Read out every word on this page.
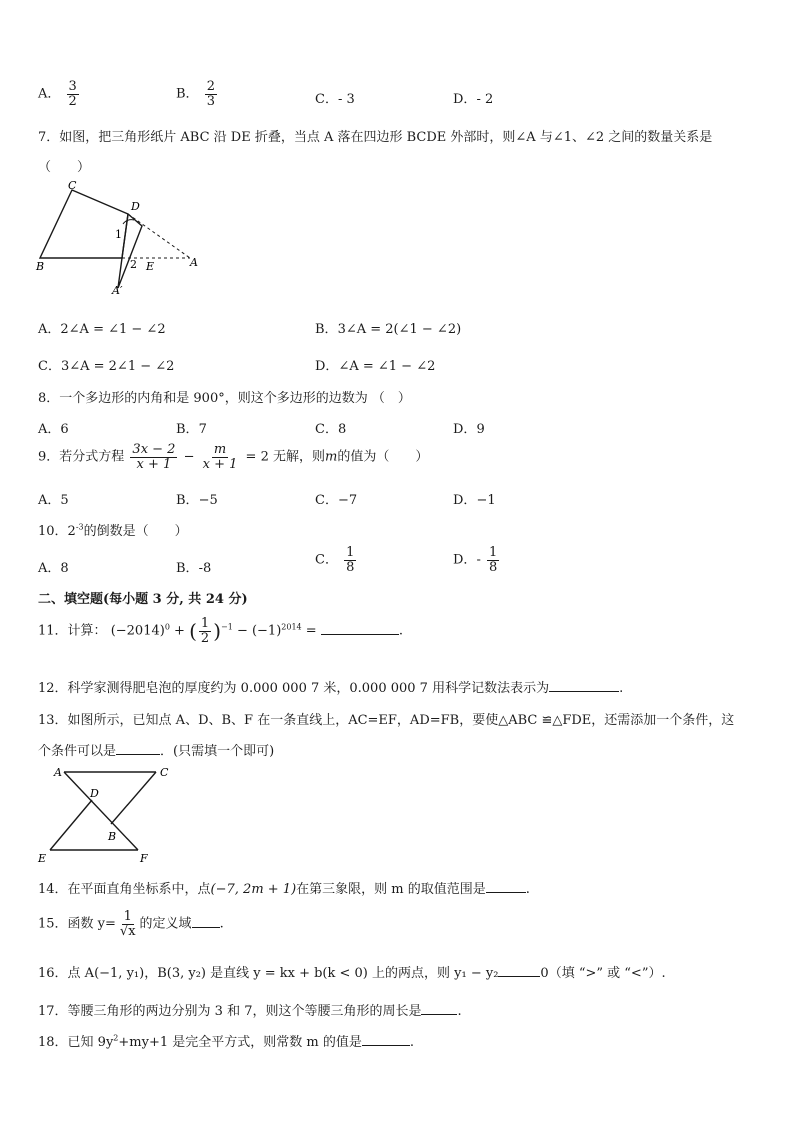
A． $\frac{3}{2}$	B． $\frac{2}{3}$	C．- 3	D．- 2
7．如图，把三角形纸片 ABC 沿 DE 折叠，当点 A 落在四边形 BCDE 外部时，则∠A 与∠1、∠2 之间的数量关系是
（　　）
C
D
B	E	A
A′
1
2
A．2∠A = ∠1 − ∠2	B．3∠A = 2(∠1 − ∠2)
C．3∠A = 2∠1 − ∠2	D．∠A = ∠1 − ∠2
8．一个多边形的内角和是 900°，则这个多边形的边数为 （　）
A．6	B．7	C．8	D．9
9．若分式方程 $\frac{3x - 2}{x + 1} - \frac{m}{x + 1} = 2$ 无解，则m的值为（　　）
A．5	B．−5	C．−7	D．−1
10．$2^{-3}$的倒数是（　　）
A．8	B．-8
C． $\frac{1}{8}$	D．- $\frac{1}{8}$
二、填空题(每小题 3 分, 共 24 分)
11．计算： $(-2014)^0$ + ( $\frac{1}{2} )^{-1} - (-1)^{2014}$ =	.
12．科学家测得肥皂泡的厚度约为 0.000 000 7 米，0.000 000 7 用科学记数法表示为	.
13．如图所示，已知点 A、D、B、F 在一条直线上，AC=EF，AD=FB，要使△ABC ≌△FDE，还需添加一个条件，这
个条件可以是	．(只需填一个即可)
A	C
D
B
E	F
14．在平面直角坐标系中，点(−7, 2m + 1)在第三象限，则 m 的取值范围是	.
15．函数 $y= \frac{1}{√x}$ 的定义域 .
16．点 A(−1, y₁)，B(3, y₂) 是直线 y = kx + b(k < 0) 上的两点，则 y₁ − y₂	0（填 “>” 或 “<”）.
17．等腰三角形的两边分别为 3 和 7，则这个等腰三角形的周长是	.
18．已知 $9y^2+my+1$ 是完全平方式，则常数 m 的值是	.
